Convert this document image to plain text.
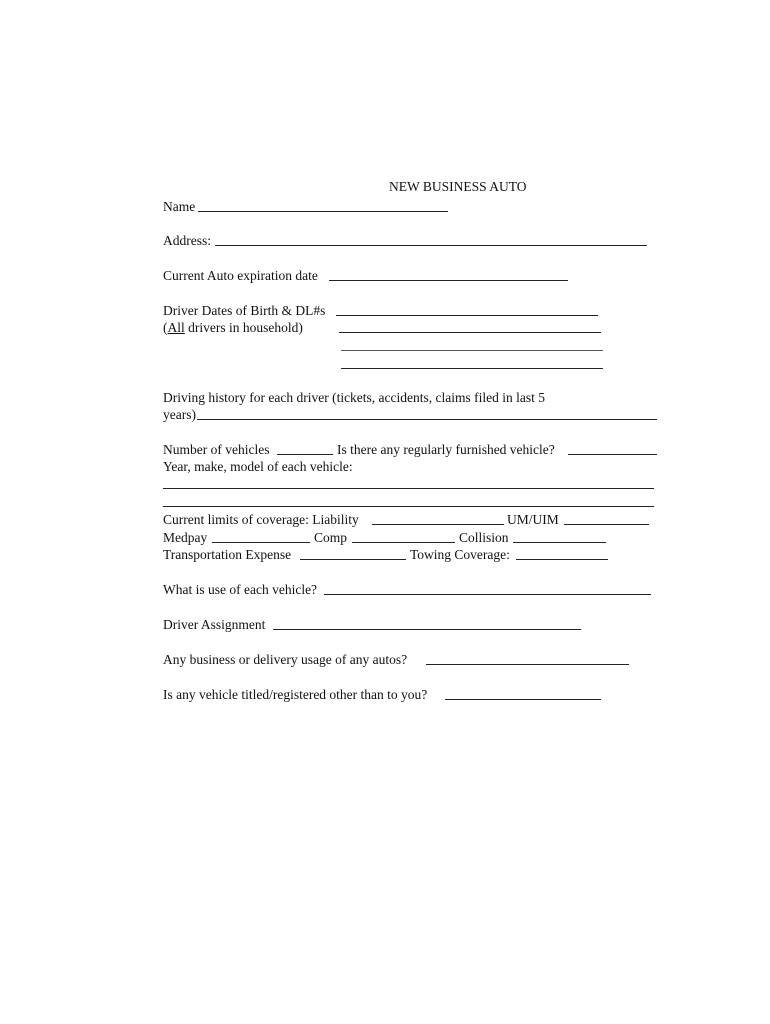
NEW BUSINESS AUTO
Name
Address:
Current Auto expiration date
Driver Dates of Birth & DL#s
(All drivers in household)
Driving history for each driver (tickets, accidents, claims filed in last 5
years)
Number of vehicles	Is there any regularly furnished vehicle?
Year, make, model of each vehicle:
Current limits of coverage: Liability	UM/UIM
Medpay	Comp	Collision
Transportation Expense	Towing Coverage:
What is use of each vehicle?
Driver Assignment
Any business or delivery usage of any autos?
Is any vehicle titled/registered other than to you?
